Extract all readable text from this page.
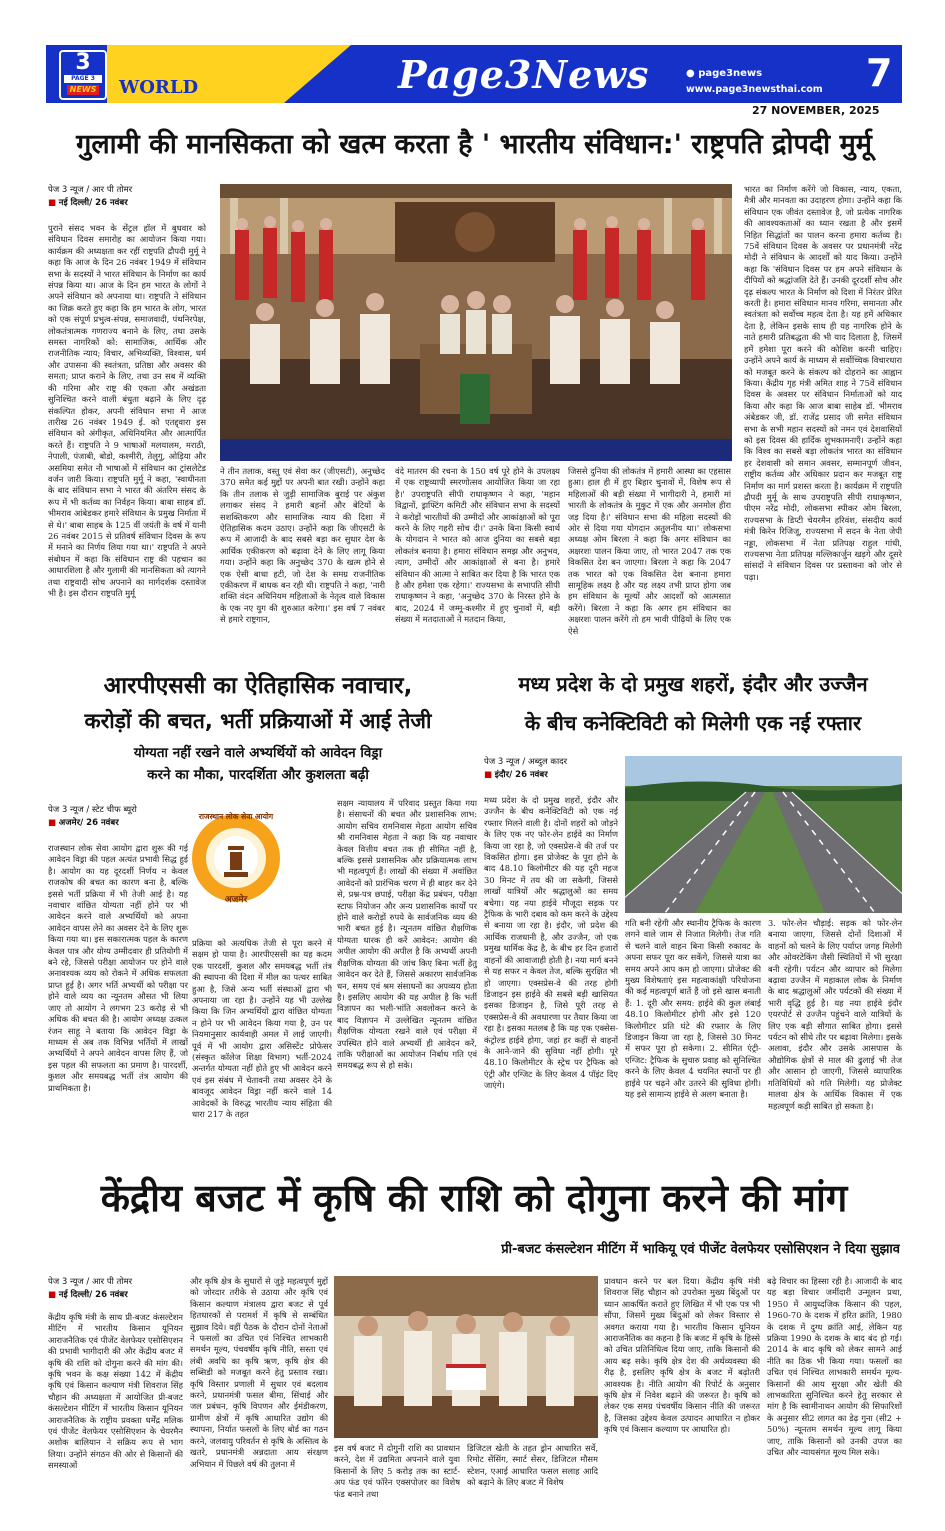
3
PAGE 3
NEWS WORLD	Page3News	● page3news
www.page3newsthai.com 7
27 NOVEMBER, 2025
गुलामी की मानसिकता को खत्म करता है ' भारतीय संविधान:' राष्ट्रपति द्रोपदी मुर्मू
पेज 3 न्यूज / आर पी तोमर
■ नई दिल्ली/ 26 नवंबर
पुराने संसद भवन के सेंट्रल हॉल में बुधवार को संविधान दिवस समारोह का आयोजन किया गया। कार्यक्रम की अध्यक्षता कर रहीं राष्ट्रपति द्रौपदी मुर्मू ने कहा कि आज के दिन 26 नवंबर 1949 में संविधान सभा के सदस्यों ने भारत संविधान के निर्माण का कार्य संपन्न किया था। आज के दिन हम भारत के लोगों ने अपने संविधान को अपनाया था। राष्ट्रपति ने संविधान का जिक्र करते हुए कहा कि हम भारत के लोग, भारत को एक संपूर्ण प्रभुत्व-संपन्न, समाजवादी, पंथनिरपेक्ष, लोकतंत्रात्मक गणराज्य बनाने के लिए, तथा उसके समस्त नागरिकों को: सामाजिक, आर्थिक और राजनीतिक न्याय; विचार, अभिव्यक्ति, विश्वास, धर्म और उपासना की स्वतंत्रता, प्रतिष्ठा और अवसर की समता; प्राप्त कराने के लिए, तथा उन सब में व्यक्ति की गरिमा और राष्ट्र की एकता और अखंडता सुनिश्चित करने वाली बंधुता बढ़ाने के लिए दृढ़ संकल्पित होकर, अपनी संविधान सभा में आज तारीख 26 नवंबर 1949 ई. को एतद्द्वारा इस संविधान को अंगीकृत, अधिनियमित और आत्मार्पित करते हैं। राष्ट्रपति ने 9 भाषाओं मलयालम, मराठी, नेपाली, पंजाबी, बोडो, कश्मीरी, तेलुगु, ओड़िया और असमिया समेत नौ भाषाओं में संविधान का ट्रांसलेटेड वर्जन जारी किया। राष्ट्रपति मुर्मू ने कहा, 'स्वाधीनता के बाद संविधान सभा ने भारत की अंतरिम संसद के रूप में भी कर्तव्य का निर्वहन किया। बाबा साहब डॉ. भीमराव आंबेडकर हमारे संविधान के प्रमुख निर्माता में से थे।' बाबा साहब के 125 वीं जयंती के वर्ष में यानी 26 नवंबर 2015 से प्रतिवर्ष संविधान दिवस के रूप में मनाने का निर्णय लिया गया था।' राष्ट्रपति ने अपने संबोधन में कहा कि संविधान राष्ट्र की पहचान का आधारशिला है और गुलामी की मानसिकता को त्यागने तथा राष्ट्रवादी सोच अपनाने का मार्गदर्शक दस्तावेज भी है। इस दौरान राष्ट्रपति मुर्मू
ने तीन तलाक, वस्तु एवं सेवा कर (जीएसटी), अनुच्छेद 370 समेत कई मुद्दों पर अपनी बात रखी। उन्होंने कहा कि तीन तलाक से जुड़ी सामाजिक बुराई पर अंकुश लगाकर संसद ने हमारी बहनों और बेटियों के सशक्तिकरण और सामाजिक न्याय की दिशा में ऐतिहासिक कदम उठाए। उन्होंने कहा कि जीएसटी के रूप में आजादी के बाद सबसे बड़ा कर सुधार देश के आर्थिक एकीकरण को बढ़ावा देने के लिए लागू किया गया। उन्होंने कहा कि अनुच्छेद 370 के खत्म होने से एक ऐसी बाधा हटी, जो देश के समग्र राजनीतिक एकीकरण में बाधक बन रही थी। राष्ट्रपति ने कहा, 'नारी शक्ति वंदन अधिनियम महिलाओं के नेतृत्व वाले विकास के एक नए युग की शुरुआत करेगा।' इस वर्ष 7 नवंबर से हमारे राष्ट्रगान,
वंदे मातरम की रचना के 150 वर्ष पूरे होने के उपलक्ष्य में एक राष्ट्रव्यापी स्मरणोत्सव आयोजित किया जा रहा है।' उपराष्ट्रपति सीपी राधाकृष्णन ने कहा, 'महान विद्वानों, ड्राफ्टिंग कमिटी और संविधान सभा के सदस्यों ने करोड़ों भारतीयों की उम्मीदों और आकांक्षाओं को पूरा करने के लिए गहरी सोच दी।' उनके बिना किसी स्वार्थ के योगदान ने भारत को आज दुनिया का सबसे बड़ा लोकतंत्र बनाया है। हमारा संविधान समझ और अनुभव, त्याग, उम्मीदों और आकांक्षाओं से बना है। हमारे संविधान की आत्मा ने साबित कर दिया है कि भारत एक है और हमेशा एक रहेगा।' राज्यसभा के सभापति सीपी राधाकृष्णन ने कहा, 'अनुच्छेद 370 के निरस्त होने के बाद, 2024 में जम्मू-कश्मीर में हुए चुनावों में, बड़ी संख्या में मतदाताओं ने मतदान किया,
जिससे दुनिया की लोकतंत्र में हमारी आस्था का एहसास हुआ। हाल ही में हुए बिहार चुनावों में, विशेष रूप से महिलाओं की बड़ी संख्या में भागीदारी ने, हमारी मां भारती के लोकतंत्र के मुकुट में एक और अनमोल हीरा जड़ दिया है।' संविधान सभा की महिला सदस्यों की ओर से दिया गया योगदान अतुलनीय था।' लोकसभा अध्यक्ष ओम बिरला ने कहा कि अगर संविधान का अक्षरशः पालन किया जाए, तो भारत 2047 तक एक विकसित देश बन जाएगा। बिरला ने कहा कि 2047 तक भारत को एक विकसित देश बनाना हमारा सामूहिक लक्ष्य है और यह लक्ष्य तभी प्राप्त होगा जब हम संविधान के मूल्यों और आदर्शों को आत्मसात करेंगे। बिरला ने कहा कि अगर हम संविधान का अक्षरशः पालन करेंगे तो हम भावी पीढ़ियों के लिए एक ऐसे
भारत का निर्माण करेंगे जो विकास, न्याय, एकता, मैत्री और मानवता का उदाहरण होगा। उन्होंने कहा कि संविधान एक जीवंत दस्तावेज है, जो प्रत्येक नागरिक की आवश्यकताओं का ध्यान रखता है और इसमें निहित सिद्धांतों का पालन करना हमारा कर्तव्य है। 75वें संविधान दिवस के अवसर पर प्रधानमंत्री नरेंद्र मोदी ने संविधान के आदर्शों को याद किया। उन्होंने कहा कि 'संविधान दिवस पर हम अपने संविधान के दीपियों को श्रद्धांजलि देते हैं। उनकी दूरदर्शी सोच और दृढ़ संकल्प भारत के निर्माण को दिशा में निरंतर प्रेरित करती है। हमारा संविधान मानव गरिमा, समानता और स्वतंत्रता को सर्वोच्च महत्व देता है। यह हमें अधिकार देता है, लेकिन इसके साथ ही यह नागरिक होने के नाते हमारी प्रतिबद्धता की भी याद दिलाता है, जिसमें हमें हमेशा पूरा करने की कोशिश करनी चाहिए। उन्होंने अपने कार्य के माध्यम से सर्वोच्चिक विचारधारा को मजबूत करने के संकल्प को दोहराने का आह्वान किया। केंद्रीय गृह मंत्री अमित शाह ने 75वें संविधान दिवस के अवसर पर संविधान निर्माताओं को याद किया और कहा कि आज बाबा साहेब डॉ. भीमराव अंबेडकर जी, डॉ. राजेंद्र प्रसाद जी समेत संविधान सभा के सभी महान सदस्यों को नमन एवं देशवासियों को इस दिवस की हार्दिक शुभकामनाएँ। उन्होंने कहा कि विश्व का सबसे बड़ा लोकतंत्र भारत का संविधान हर देशवासी को समान अवसर, सम्मानपूर्ण जीवन, राष्ट्रीय कर्तव्य और अधिकार प्रदान कर मजबूत राष्ट्र निर्माण का मार्ग प्रशस्त करता है। कार्यक्रम में राष्ट्रपति द्रौपदी मुर्मू के साथ उपराष्ट्रपति सीपी राधाकृष्णन, पीएम नरेंद्र मोदी, लोकसभा स्पीकर ओम बिरला, राज्यसभा के डिप्टी चेयरमैन हरिवंश, संसदीय कार्य मंत्री किरेन रिजिजू, राज्यसभा में सदन के नेता जेपी नड्डा, लोकसभा में नेता प्रतिपक्ष राहुल गांधी, राज्यसभा नेता प्रतिपक्ष मल्लिकार्जुन खड़गे और दूसरे सांसदों ने संविधान दिवस पर प्रस्तावना को जोर से पढ़ा।
आरपीएससी का ऐतिहासिक नवाचार,
करोड़ों की बचत, भर्ती प्रक्रियाओं में आई तेजी
योग्यता नहीं रखने वाले अभ्यर्थियों को आवेदन विड्रा
करने का मौका, पारदर्शिता और कुशलता बढ़ी
पेज 3 न्यूज / स्टेट चीफ ब्यूरो
■ अजमेर/ 26 नवंबर
राजस्थान लोक सेवा आयोग द्वारा शुरू की गई आवेदन विड्रा की पहल अत्यंत प्रभावी सिद्ध हुई है। आयोग का यह दूरदर्शी निर्णय न केवल राजकोष की बचत का कारण बना है, बल्कि इससे भर्ती प्रक्रिया में भी तेजी आई है। यह नवाचार वांछित योग्यता नहीं होने पर भी आवेदन करने वाले अभ्यर्थियों को अपना आवेदन वापस लेने का अवसर देने के लिए शुरू किया गया था। इस सकारात्मक पहल के कारण केवल पात्र और योग्य उम्मीदवार ही प्रतियोगी में बने रहे, जिससे परीक्षा आयोजन पर होने वाले अनावश्यक व्यय को रोकने में अधिक सफलता प्राप्त हुई है। अगर भर्ति अभ्यर्थी को परीक्षा पर होने वाले व्यय का न्यूनतम औसत भी लिया जाए तो आयोग ने लगभग 23 करोड़ से भी अधिक की बचत की है। आयोग अध्यक्ष उत्कल रंजन साहू ने बताया कि आवेदन विड्रा के माध्यम से अब तक विभिन्न भर्तियों में लाखों अभ्यर्थियों ने अपने आवेदन वापस लिए हैं, जो इस पहल की सफलता का प्रमाण है। पारदर्शी, कुशल और समयबद्ध भर्ती तंत्र आयोग की प्राथमिकता है।
राजस्थान लोक सेवा आयोग
अजमेर
प्रक्रिया को अत्यधिक तेजी से पूरा करने में सक्षम हो पाया है। आरपीएससी का यह कदम एक पारदर्शी, कुशल और समयबद्ध भर्ती तंत्र की स्थापना की दिशा में मील का पत्थर साबित हुआ है, जिसे अन्य भर्ती संस्थाओं द्वारा भी अपनाया जा रहा है। उन्होंने यह भी उल्लेख किया कि जिन अभ्यर्थियों द्वारा वांछित योग्यता न होने पर भी आवेदन किया गया है, उन पर नियमानुसार कार्यवाही अमल में लाई जाएगी। पूर्व में भी आयोग द्वारा असिस्टेंट प्रोफेसर (संस्कृत कॉलेज शिक्षा विभाग) भर्ती-2024 अन्तर्गत योग्यता नहीं होते हुए भी आवेदन करने एवं इस संबंध में चेतावनी तथा अवसर देने के बावजूद आवेदन विड्रा नहीं करने वाले 14 आवेदकों के विरुद्ध भारतीय न्याय संहिता की धारा 217 के तहत
सक्षम न्यायालय में परिवाद प्रस्तुत किया गया है। संसाधनों की बचत और प्रशासनिक लाभ: आयोग सचिव रामनिवास मेहता आयोग सचिव श्री रामनिवास मेहता ने कहा कि यह नवाचार केवल वित्तीय बचत तक ही सीमित नहीं है, बल्कि इससे प्रशासनिक और प्रक्रियात्मक लाभ भी महत्वपूर्ण हैं। लाखों की संख्या में अवांछित आवेदनों को प्रारंभिक चरण में ही बाहर कर देने से, प्रश्न-पत्र छपाई, परीक्षा केंद्र प्रबंधन, परीक्षा स्टाफ नियोजन और अन्य प्रशासनिक कार्यों पर होने वाले करोड़ों रुपये के सार्वजनिक व्यय की भारी बचत हुई है। न्यूनतम वांछित शैक्षणिक योग्यता धारक ही करें आवेदन: आयोग की अपील आयोग की अपील है कि अभ्यर्थी अपनी शैक्षणिक योग्यता की जांच किए बिना भर्ती हेतु आवेदन कर देते हैं, जिससे अकारण सार्वजनिक धन, समय एवं श्रम संसाधनों का अपव्यय होता है। इसलिए आयोग की यह अपील है कि भर्ती विज्ञापन का भली-भांति अवलोकन करने के बाद विज्ञापन में उल्लेखित न्यूनतम वांछित शैक्षणिक योग्यता रखने वाले एवं परीक्षा में उपस्थित होने वाले अभ्यर्थी ही आवेदन करें, ताकि परीक्षाओं का आयोजन निर्बाध गति एवं समयबद्ध रूप से हो सके।
मध्य प्रदेश के दो प्रमुख शहरों, इंदौर और उज्जैन
के बीच कनेक्टिविटी को मिलेगी एक नई रफ्तार
पेज 3 न्यूज / अब्दुल कादर
■ इंदौर/ 26 नवंबर
मध्य प्रदेश के दो प्रमुख शहरों, इंदौर और उज्जैन के बीच कनेक्टिविटी को एक नई रफ्तार मिलने वाली है। दोनों शहरों को जोड़ने के लिए एक नए फोर-लेन हाईवे का निर्माण किया जा रहा है, जो एक्सप्रेस-वे की तर्ज पर विकसित होगा। इस प्रोजेक्ट के पूरा होने के बाद 48.10 किलोमीटर की यह दूरी महज 30 मिनट में तय की जा सकेगी, जिससे लाखों यात्रियों और श्रद्धालुओं का समय बचेगा। यह नया हाईवे मौजूदा सड़क पर ट्रैफिक के भारी दबाव को कम करने के उद्देश्य से बनाया जा रहा है। इंदौर, जो प्रदेश की आर्थिक राजधानी है, और उज्जैन, जो एक प्रमुख धार्मिक केंद्र है, के बीच हर दिन हजारों वाहनों की आवाजाही होती है। नया मार्ग बनने से यह सफर न केवल तेज, बल्कि सुरक्षित भी हो जाएगा। एक्सप्रेस-वे की तरह होगी डिजाइन इस हाईवे की सबसे बड़ी खासियत इसका डिजाइन है, जिसे पूरी तरह से एक्सप्रेस-वे की अवधारणा पर तैयार किया जा रहा है। इसका मतलब है कि यह एक एक्सेस-कंट्रोल्ड हाईवे होगा, जहां हर कहीं से वाहनों के आने-जाने की सुविधा नहीं होगी। पूरे 48.10 किलोमीटर के स्ट्रेच पर ट्रैफिक को एंट्री और एग्जिट के लिए केवल 4 पॉइंट दिए जाएंगे।
गति बनी रहेगी और स्थानीय ट्रैफिक के कारण लगने वाले जाम से निजात मिलेगी। तेज गति से चलने वाले वाहन बिना किसी रुकावट के अपना सफर पूरा कर सकेंगे, जिससे यात्रा का समय अपने आप कम हो जाएगा। प्रोजेक्ट की मुख्य विशेषताएं इस महत्वाकांक्षी परियोजना की कई महत्वपूर्ण बातें हैं जो इसे खास बनाती हैं: 1. दूरी और समय: हाईवे की कुल लंबाई 48.10 किलोमीटर होगी और इसे 120 किलोमीटर प्रति घंटे की रफ्तार के लिए डिजाइन किया जा रहा है, जिससे 30 मिनट में सफर पूरा हो सकेगा। 2. सीमित एंट्री-एग्जिट: ट्रैफिक के सुचारु प्रवाह को सुनिश्चित करने के लिए केवल 4 चयनित स्थानों पर ही हाईवे पर चढ़ने और उतरने की सुविधा होगी। यह इसे सामान्य हाईवे से अलग बनाता है।
3. फोर-लेन चौड़ाई: सड़क को फोर-लेन बनाया जाएगा, जिससे दोनों दिशाओं में वाहनों को चलने के लिए पर्याप्त जगह मिलेगी और ओवरटेकिंग जैसी स्थितियों में भी सुरक्षा बनी रहेगी। पर्यटन और व्यापार को मिलेगा बढ़ावा उज्जैन में महाकाल लोक के निर्माण के बाद श्रद्धालुओं और पर्यटकों की संख्या में भारी वृद्धि हुई है। यह नया हाईवे इंदौर एयरपोर्ट से उज्जैन पहुंचने वाले यात्रियों के लिए एक बड़ी सौगात साबित होगा। इससे पर्यटन को सीधे तौर पर बढ़ावा मिलेगा। इसके अलावा, इंदौर और उसके आसपास के औद्योगिक क्षेत्रों से माल की ढुलाई भी तेज और आसान हो जाएगी, जिससे व्यापारिक गतिविधियों को गति मिलेगी। यह प्रोजेक्ट मालवा क्षेत्र के आर्थिक विकास में एक महत्वपूर्ण कड़ी साबित हो सकता है।
केंद्रीय बजट में कृषि की राशि को दोगुना करने की मांग
प्री-बजट कंसल्टेशन मीटिंग में भाकियू एवं पीजेंट वेलफेयर एसोसिएशन ने दिया सुझाव
पेज 3 न्यूज / आर पी तोमर
■ नई दिल्ली/ 26 नवंबर
केंद्रीय कृषि मंत्री के साथ प्री-बजट कंसल्टेशन मीटिंग में भारतीय किसान यूनियन आराजनैतिक एवं पीजेंट वेलफेयर एसोसिएशन की प्रभावी भागीदारी की और केंद्रीय बजट में कृषि की राशि को दोगुना करने की मांग की। कृषि भवन के कक्ष संख्या 142 में केंद्रीय कृषि एवं किसान कल्याण मंत्री शिवराज सिंह चौहान की अध्यक्षता में आयोजित प्री-बजट कंसल्टेशन मीटिंग में भारतीय किसान यूनियन आराजनैतिक के राष्ट्रीय प्रवक्ता धर्मेंद्र मलिक एवं पीजेंट वेलफेयर एसोसिएशन के चेयरमैन अशोक बालियान ने सक्रिय रूप से भाग लिया। उन्होंने संगठन की ओर से किसानों की समस्याओं
और कृषि क्षेत्र के सुधारों से जुड़े महत्वपूर्ण मुद्दों को जोरदार तरीके से उठाया और कृषि एवं किसान कल्याण मंत्रालय द्वारा बजट से पूर्व हितधारकों से परामर्श में कृषि से सम्बंधित सुझाव दिये। वहीं पैठक के दौरान दोनों नेताओं ने फसलों का उचित एवं निश्चित लाभकारी समर्थन मूल्य, पंचवर्षीय कृषि नीति, सस्ता एवं लंबी अवधि का कृषि ऋण, कृषि क्षेत्र की सब्सिडी को मजबूत करने हेतु प्रस्ताव रखा। कृषि विस्तार प्रणाली में सुधार एवं बदलाव करने, प्रधानमंत्री फसल बीमा, सिंचाई और जल प्रबंधन, कृषि विपणन और ईमंडीकरण, ग्रामीण क्षेत्रों में कृषि आधारित उद्योग की स्थापना, निर्यात फसलों के लिए बोर्ड का गठन करने, जलवायु परिवर्तन से कृषि के अस्तित्व के खतरे, प्रधानमंत्री अन्नदाता आय संरक्षण अभियान में पिछले वर्ष की तुलना में
इस वर्ष बजट में दोगुनी राशि का प्रावधान करने, देश में उद्यमिता अपनाने वाले युवा किसानों के लिए 5 करोड़ तक का स्टार्ट-अप फंड एवं फॉरेन एक्सपोजर का विशेष फंड बनाने तथा
डिजिटल खेती के तहत ड्रोन आधारित सर्वे, रिमोट सेंसिंग, स्मार्ट सेंसर, डिजिटल मौसम स्टेशन, एआई आधारित फसल सलाह आदि को बढ़ाने के लिए बजट में विशेष
प्रावधान करने पर बल दिया। केंद्रीय कृषि मंत्री शिवराज सिंह चौहान को उपरोक्त मुख्य बिंदुओं पर ध्यान आकर्षित कराते हुए लिखित में भी एक पत्र भी सौंपा, जिसमें मुख्य बिंदुओं को लेकर विस्तार से अवगत कराया गया है। भारतीय किसान यूनियन आराजनैतिक का कहना है कि बजट में कृषि के हिस्से को उचित प्रतिनिधित्व दिया जाए, ताकि किसानों की आय बढ़ सके। कृषि क्षेत्र देश की अर्थव्यवस्था की रीढ़ है, इसलिए कृषि क्षेत्र के बजट में बढ़ोतरी आवश्यक है। नीति आयोग की रिपोर्ट के अनुसार कृषि क्षेत्र में निवेश बढ़ाने की जरूरत है। कृषि को लेकर एक समग्र पंचवर्षीय किसान नीति की जरूरत है, जिसका उद्देश्य केवल उत्पादन आधारित न होकर कृषि एवं किसान कल्याण पर आधारित हो।
बढ़े विचार का हिस्सा रही है। आजादी के बाद यह बड़ा विचार जमींदारी उन्मूलन प्रथा, 1950 में आयुध्दजिक किसान की पहल, 1960-70 के दशक में हरित क्रांति, 1980 के दशक में दुग्ध क्रांति आई, लेकिन यह प्रक्रिया 1990 के दशक के बाद बंद हो गई। 2014 के बाद कृषि को लेकर सामने आई नीति का ठिक भी किया गया। फसलों का उचित एवं निश्चित लाभकारी समर्थन मूल्य- किसानों की आय सुरक्षा और खेती की लाभकारिता सुनिश्चित करने हेतु सरकार से मांग है कि स्वामीनाथन आयोग की सिफारिशों के अनुसार सी2 लागत का डेढ़ गुना (सी2 + 50%) न्यूनतम समर्थन मूल्य लागू किया जाए, ताकि किसानों को उनकी उपज का उचित और न्यायसंगत मूल्य मिल सके।
